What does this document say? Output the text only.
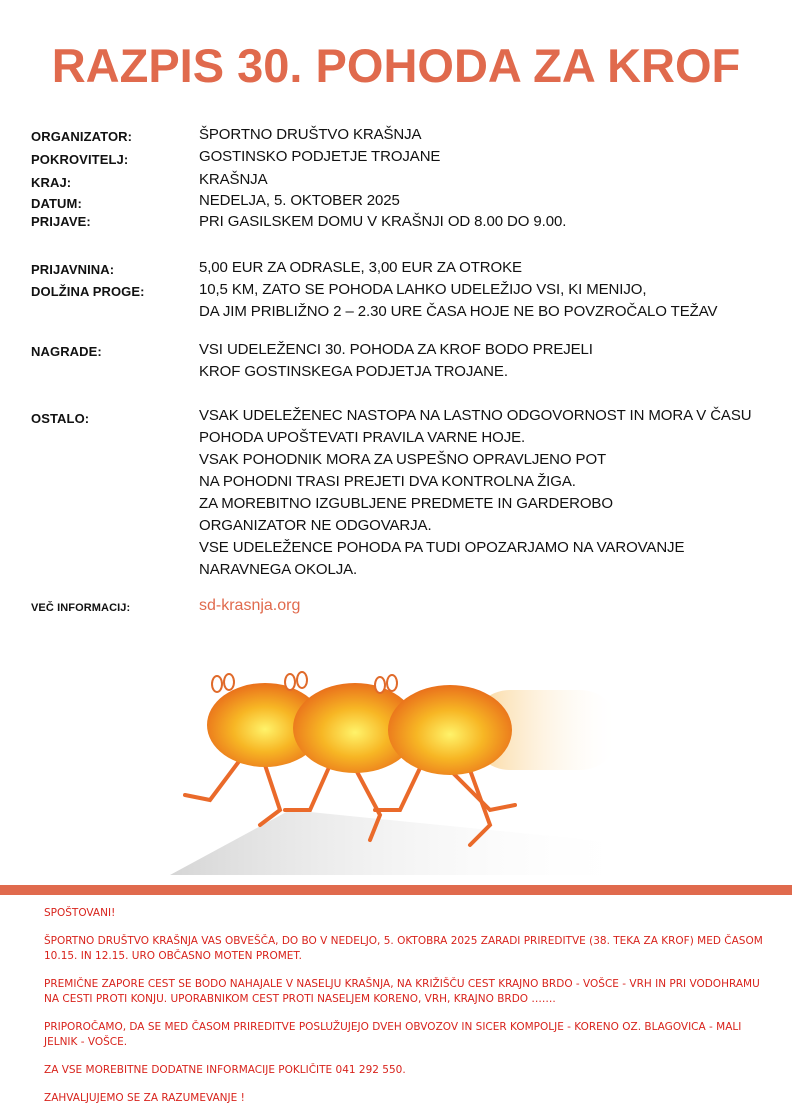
RAZPIS 30. POHODA ZA KROF
ORGANIZATOR:
POKROVITELJ:
KRAJ:
DATUM:
PRIJAVE:
PRIJAVNINA:
DOLŽINA PROGE:
NAGRADE:
OSTALO:
VEČ INFORMACIJ:
ŠPORTNO DRUŠTVO KRAŠNJA
GOSTINSKO PODJETJE TROJANE
KRAŠNJA
NEDELJA, 5. OKTOBER 2025
PRI GASILSKEM DOMU V KRAŠNJI OD 8.00 DO 9.00.
5,00 EUR ZA ODRASLE, 3,00 EUR ZA OTROKE
10,5 KM, ZATO SE POHODA LAHKO UDELEŽIJO VSI, KI MENIJO,
DA JIM PRIBLIŽNO 2 – 2.30 URE ČASA HOJE NE BO POVZROČALO TEŽAV
VSI UDELEŽENCI 30. POHODA ZA KROF BODO PREJELI
KROF GOSTINSKEGA PODJETJA TROJANE.
VSAK UDELEŽENEC NASTOPA NA LASTNO ODGOVORNOST IN MORA V ČASU
POHODA UPOŠTEVATI PRAVILA VARNE HOJE.
VSAK POHODNIK MORA ZA USPEŠNO OPRAVLJENO POT
NA POHODNI TRASI PREJETI DVA KONTROLNA ŽIGA.
ZA MOREBITNO IZGUBLJENE PREDMETE IN GARDEROBO
ORGANIZATOR NE ODGOVARJA.
VSE UDELEŽENCE POHODA PA TUDI OPOZARJAMO NA VAROVANJE
NARAVNEGA OKOLJA.
sd-krasnja.org

SPOŠTOVANI!

ŠPORTNO DRUŠTVO KRAŠNJA VAS OBVEŠČA, DO BO V NEDELJO, 5. OKTOBRA 2025 ZARADI PRIREDITVE (38. TEKA ZA KROF) MED ČASOM 10.15. IN 12.15. URO OBČASNO MOTEN PROMET.

PREMIČNE ZAPORE CEST SE BODO NAHAJALE V NASELJU KRAŠNJA, NA KRIŽIŠČU CEST KRAJNO BRDO - VOŠCE - VRH IN PRI VODOHRAMU NA CESTI PROTI KONJU. UPORABNIKOM CEST PROTI NASELJEM KORENO, VRH, KRAJNO BRDO …….

PRIPOROČAMO, DA SE MED ČASOM PRIREDITVE POSLUŽUJEJO DVEH OBVOZOV IN SICER KOMPOLJE - KORENO OZ. BLAGOVICA - MALI JELNIK - VOŠCE.

ZA VSE MOREBITNE DODATNE INFORMACIJE POKLIČITE 041 292 550.

ZAHVALJUJEMO SE ZA RAZUMEVANJE !
